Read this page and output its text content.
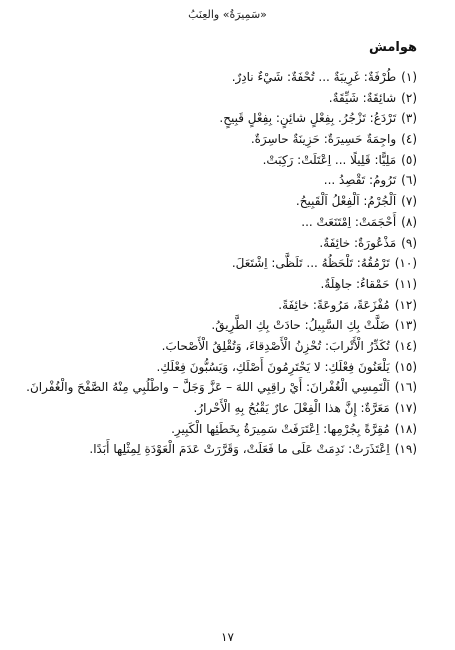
«سَمِيرَةُ» والعِنَبُ
هوامش
(١)
طُرْفَةٌ: غَرِيبَةٌ ... تُحْفَةٌ: شَيْءٌ نادِرٌ.
(٢)
شائِقَةٌ: شَيِّقَةٌ.
(٣)
تَرْدَعُ: تَزْجُرُ. بِفِعْلٍ شائِنٍ: بِفِعْلٍ قَبِيحٍ.
(٤)
واجِمَةٌ حَسِيرَةٌ: حَزِينَةٌ حاسِرَةٌ.
(٥)
مَلِيًّا: قَلِيلًا ... اِعْتَلَتْ: رَكِبَتْ.
(٦)
تَرُومُ: تَقْصِدُ ...
(٧)
اَلْجُرْمُ: اَلْفِعْلُ اَلْقَبِيحُ.
(٨)
أَحْجَمَتْ: اِمْتَنَعَتْ ...
(٩)
مَذْعُورَةٌ: خائِفَةٌ.
(١٠)
تَرْمُقُهُ: تَلْحَظُهُ ... تَلَظَّى: اِشْتَعَلَ.
(١١)
حَمْقاءُ: جاهِلَةٌ.
(١٢)
مُفْزَعَةً، مَرُوعَةً: خائِفَةً.
(١٣)
ضَلَّتْ بِكِ السَّبِيلُ: حادَتْ بِكِ الطَّرِيقُ.
(١٤)
تُكَدِّرُ الْأَتْرابَ: تُحْزِنُ الْأَصْدِقاءَ، وَتُقْلِقُ الْأَصْحابَ.
(١٥)
يَلْعَنُونَ فِعْلَكِ: لا يَحْتَرِمُونَ أَصْلَكِ، وَيَسُبُّونَ فِعْلَكِ.
(١٦)
اَلْتَمِسِي الْغُفْرانَ: أَيْ راقِبِي اللهَ – عَزَّ وَجَلَّ – واطْلُبِي مِنْهُ الصَّفْحَ والْغُفْرانَ.
(١٧)
مَعَرَّةٌ: إِنَّ هذا الْفِعْلَ عارٌ يَقْبُحُ بِهِ الْأَحْرارُ.
(١٨)
مُقِرَّةً بِجُرْمِها: اِعْتَرَفَتْ سَمِيرَةُ بِخَطَئِها الْكَبِيرِ.
(١٩)
اِعْتَذَرَتْ: نَدِمَتْ عَلَى ما فَعَلَتْ، وَقَرَّرَتْ عَدَمَ الْعَوْدَةِ لِمِثْلِها أَبَدًا.
١٧
